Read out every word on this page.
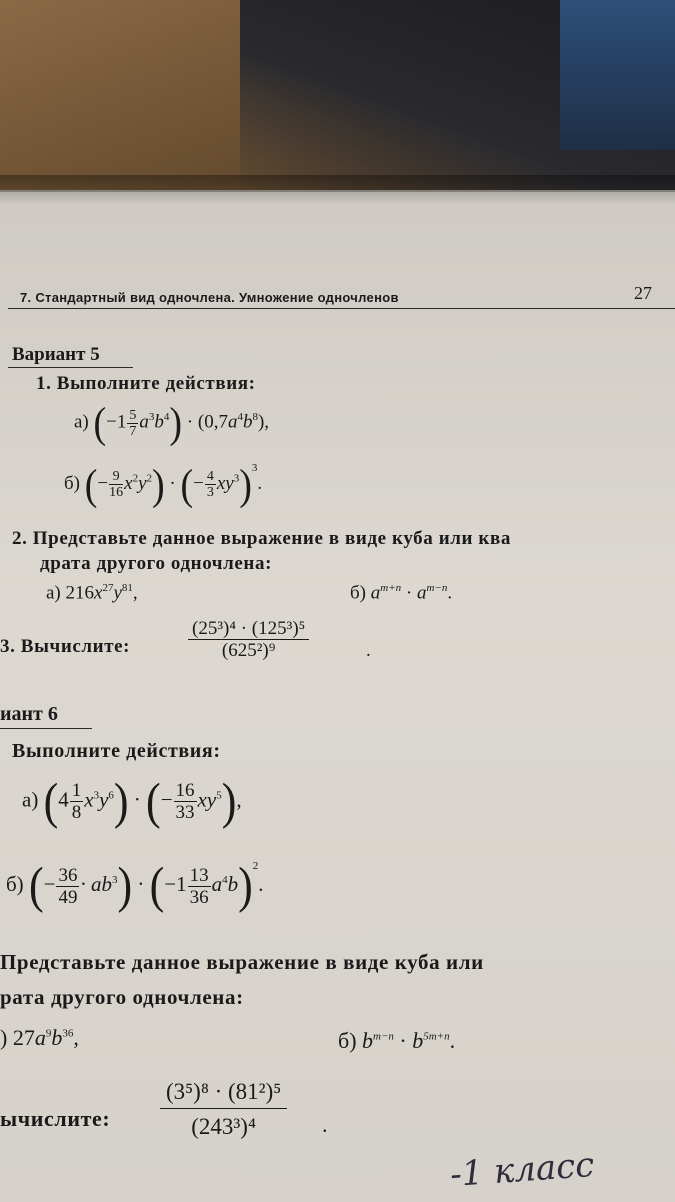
7. Стандартный вид одночлена. Умножение одночленов	27
Вариант 5
1. Выполните действия:
а) $(-1 \frac{5}{7} a^3b^4) \cdot (0,7a^4b^8)$,
б) (− $\frac{9}{16} x^2y^2$) · (− $\frac{4}{3} xy^3)^3$.
2. Представьте данное выражение в виде куба или ква
драта другого одночлена:
а) $216x^{27}y^{81}$,	б) $a^{m+n} \cdot a^{m-n}$.
3. Вычислите:	$\frac{\text{(25³)⁴ · (125³)⁵}}{\text{(625²)⁹}}$	.
иант 6
Выполните действия:
а) $(4 \frac{1}{8} x^3y^6)$ · (− $\frac{16}{33} xy^5$),
б) (− $\frac{36}{49} \cdot ab^3) \cdot (-1 \frac{13}{36} a^4b)^2$.
Представьте данное выражение в виде куба или
рата другого одночлена:
) $27a^9b^{36}$,	б) $b^{m-n} \cdot b^{5m+n}$.
ычислите: $\frac{\text{(3⁵)⁸ · (81²)⁵}}{\text{(243³)⁴}}$ .
-1 класс
